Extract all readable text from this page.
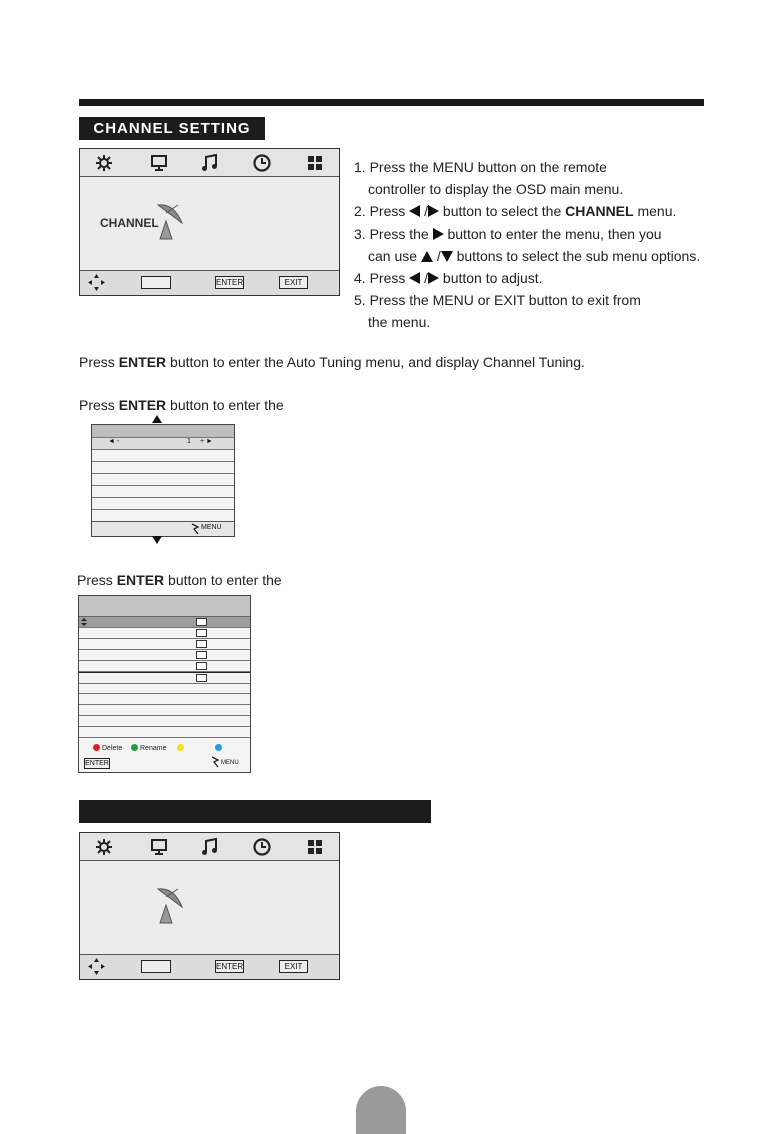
CHANNEL SETTING
CHANNEL
ENTER	EXIT
1. Press the MENU button on the remote
controller to display the OSD main menu.
2. Press  / button to select the CHANNEL menu.
3. Press the  button to enter the menu, then you
can use  / buttons to select the sub menu options.
4. Press  / button to adjust.
5. Press the MENU or EXIT button to exit from
the menu.
Press ENTER button to enter the Auto Tuning menu, and display Channel Tuning.
Press ENTER button to enter the
◄ -	1 + ►
MENU
Press ENTER button to enter the
Delete	Rename
ENTER	MENU
ENTER	EXIT
